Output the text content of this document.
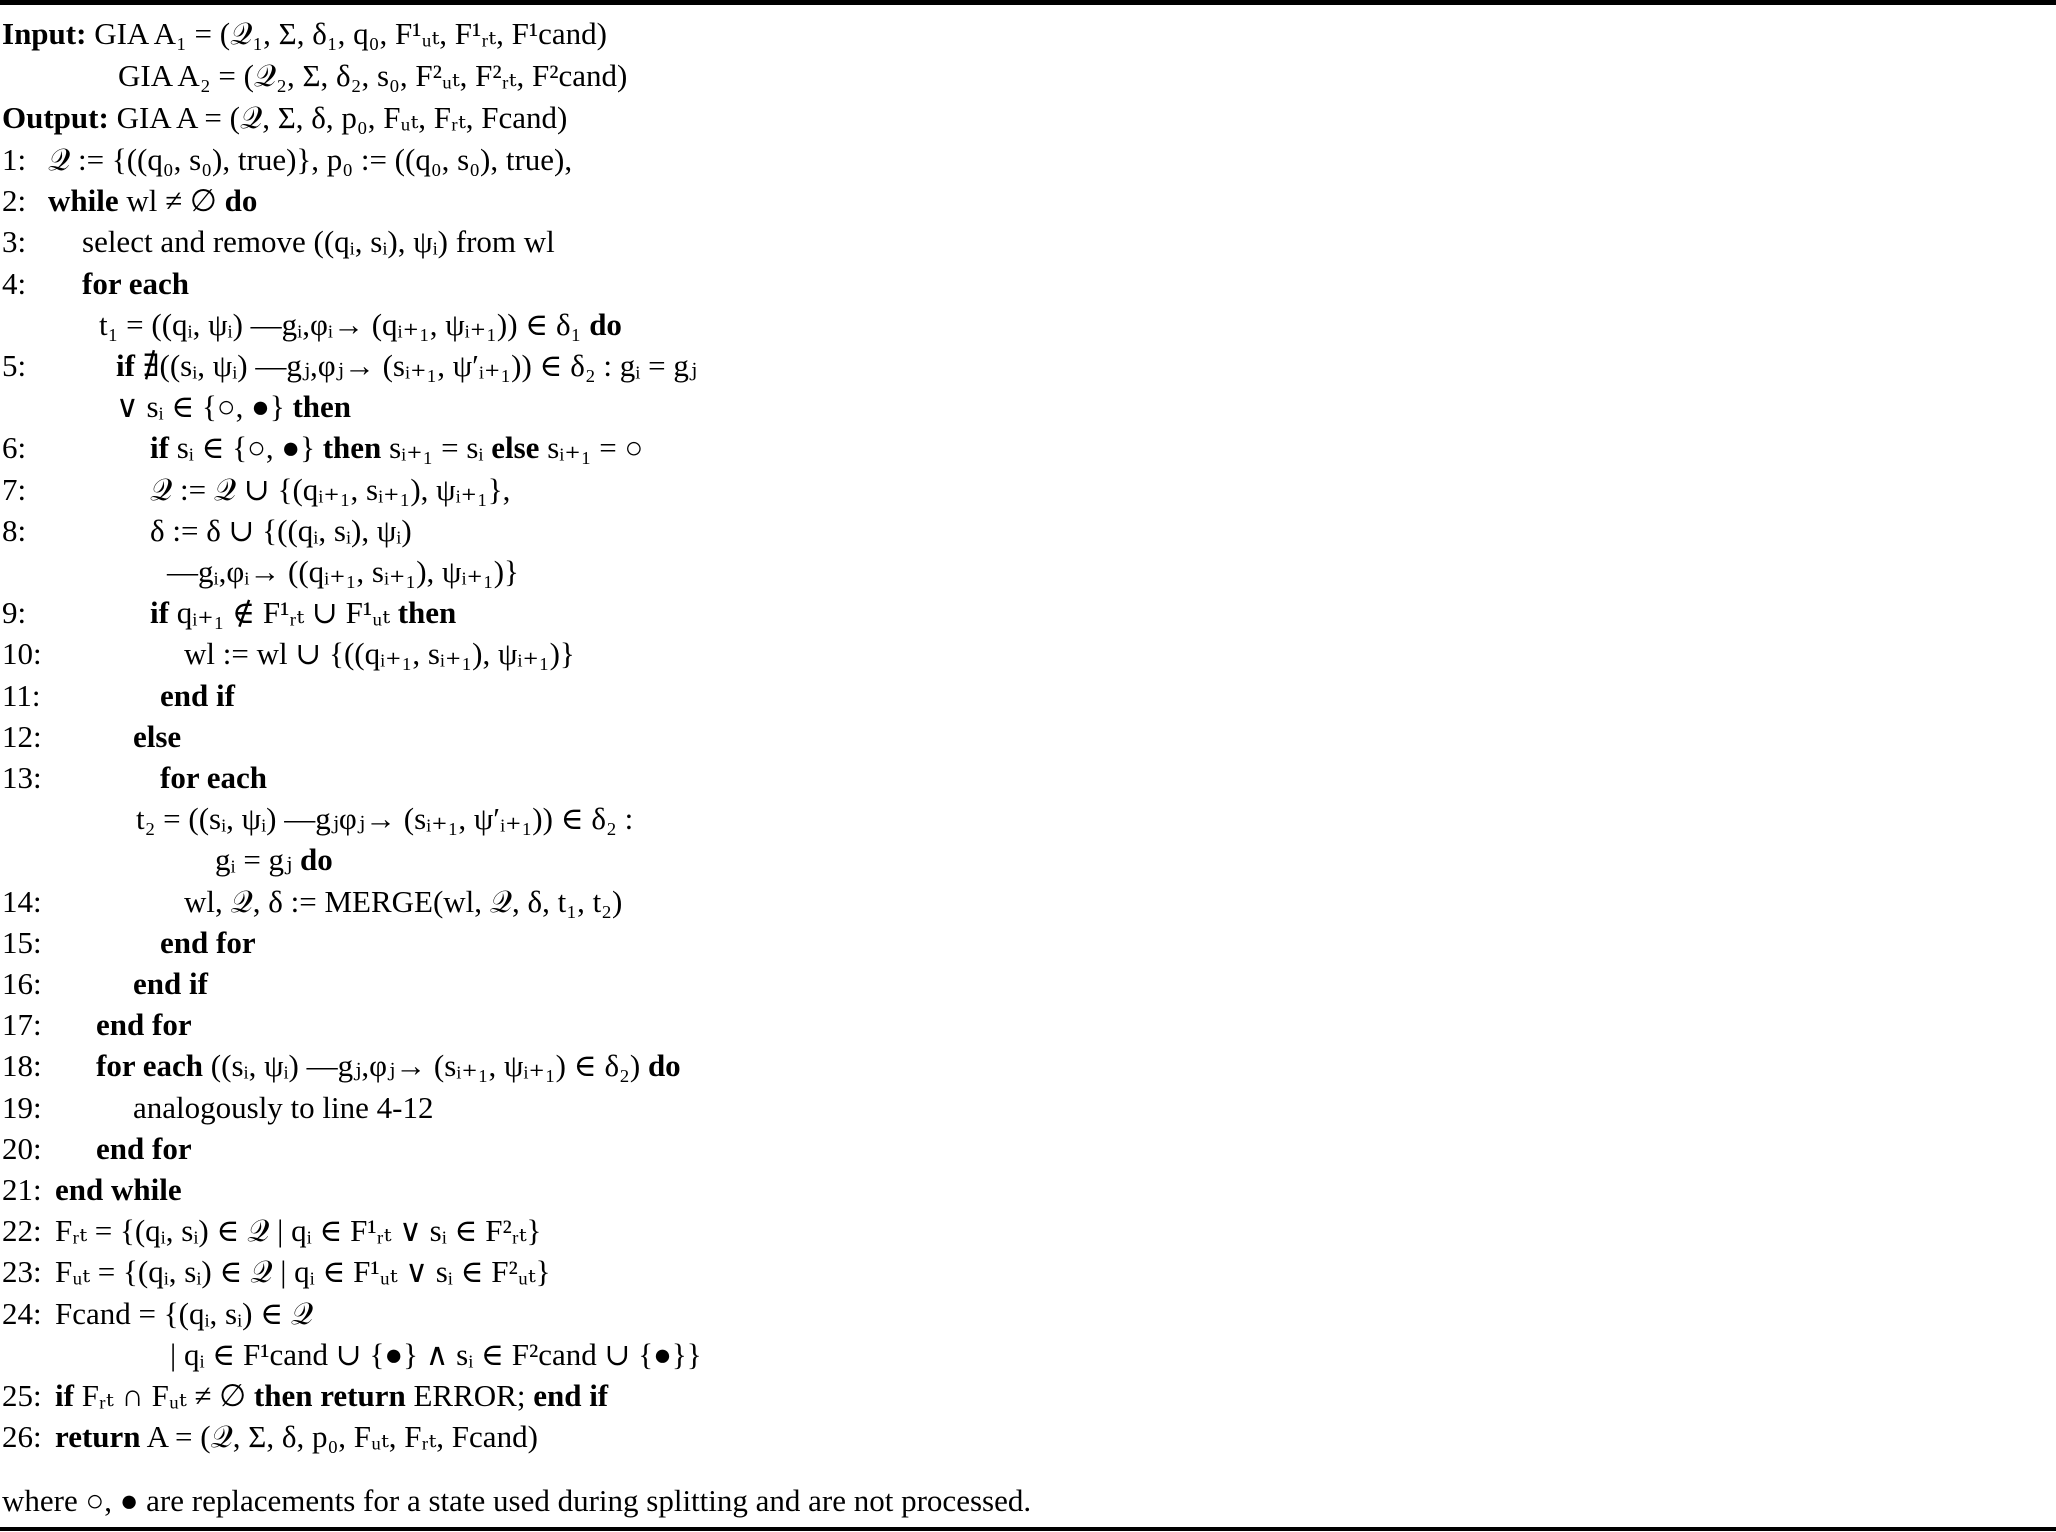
Input: GIA A₁ = (𝒬₁, Σ, δ₁, q₀, F¹ᵤₜ, F¹ᵣₜ, F¹cand)
GIA A₂ = (𝒬₂, Σ, δ₂, s₀, F²ᵤₜ, F²ᵣₜ, F²cand)
Output: GIA A = (𝒬, Σ, δ, p₀, Fᵤₜ, Fᵣₜ, Fcand)
1: 𝒬 := {((q₀, s₀), true)}, p₀ := ((q₀, s₀), true),
2: while wl ≠ ∅ do
3: select and remove ((qᵢ, sᵢ), ψᵢ) from wl
4: for each
t₁ = ((qᵢ, ψᵢ) —gᵢ,φᵢ→ (qᵢ₊₁, ψᵢ₊₁)) ∈ δ₁ do
5:	if ∄((sᵢ, ψᵢ) —gⱼ,φⱼ→ (sᵢ₊₁, ψ′ᵢ₊₁)) ∈ δ₂ : gᵢ = gⱼ
∨ sᵢ ∈ {○, ●} then
6:	if sᵢ ∈ {○, ●} then sᵢ₊₁ = sᵢ else sᵢ₊₁ = ○
7:	𝒬 := 𝒬 ∪ {(qᵢ₊₁, sᵢ₊₁), ψᵢ₊₁},
8:	δ := δ ∪ {((qᵢ, sᵢ), ψᵢ)
—gᵢ,φᵢ→ ((qᵢ₊₁, sᵢ₊₁), ψᵢ₊₁)}
9:	if qᵢ₊₁ ∉ F¹ᵣₜ ∪ F¹ᵤₜ then
10:	wl := wl ∪ {((qᵢ₊₁, sᵢ₊₁), ψᵢ₊₁)}
11:	end if
12:	else
13:	for each
t₂ = ((sᵢ, ψᵢ) —gⱼφⱼ→ (sᵢ₊₁, ψ′ᵢ₊₁)) ∈ δ₂ :
gᵢ = gⱼ do
14:	wl, 𝒬, δ := MERGE(wl, 𝒬, δ, t₁, t₂)
15:	end for
16:	end if
17: end for
18: for each ((sᵢ, ψᵢ) —gⱼ,φⱼ→ (sᵢ₊₁, ψᵢ₊₁) ∈ δ₂) do
19:	analogously to line 4-12
20: end for
21: end while
22: Fᵣₜ = {(qᵢ, sᵢ) ∈ 𝒬 | qᵢ ∈ F¹ᵣₜ ∨ sᵢ ∈ F²ᵣₜ}
23: Fᵤₜ = {(qᵢ, sᵢ) ∈ 𝒬 | qᵢ ∈ F¹ᵤₜ ∨ sᵢ ∈ F²ᵤₜ}
24: Fcand = {(qᵢ, sᵢ) ∈ 𝒬
| qᵢ ∈ F¹cand ∪ {●} ∧ sᵢ ∈ F²cand ∪ {●}}
25: if Fᵣₜ ∩ Fᵤₜ ≠ ∅ then return ERROR; end if
26: return A = (𝒬, Σ, δ, p₀, Fᵤₜ, Fᵣₜ, Fcand)
where ○, ● are replacements for a state used during splitting and are not processed.
